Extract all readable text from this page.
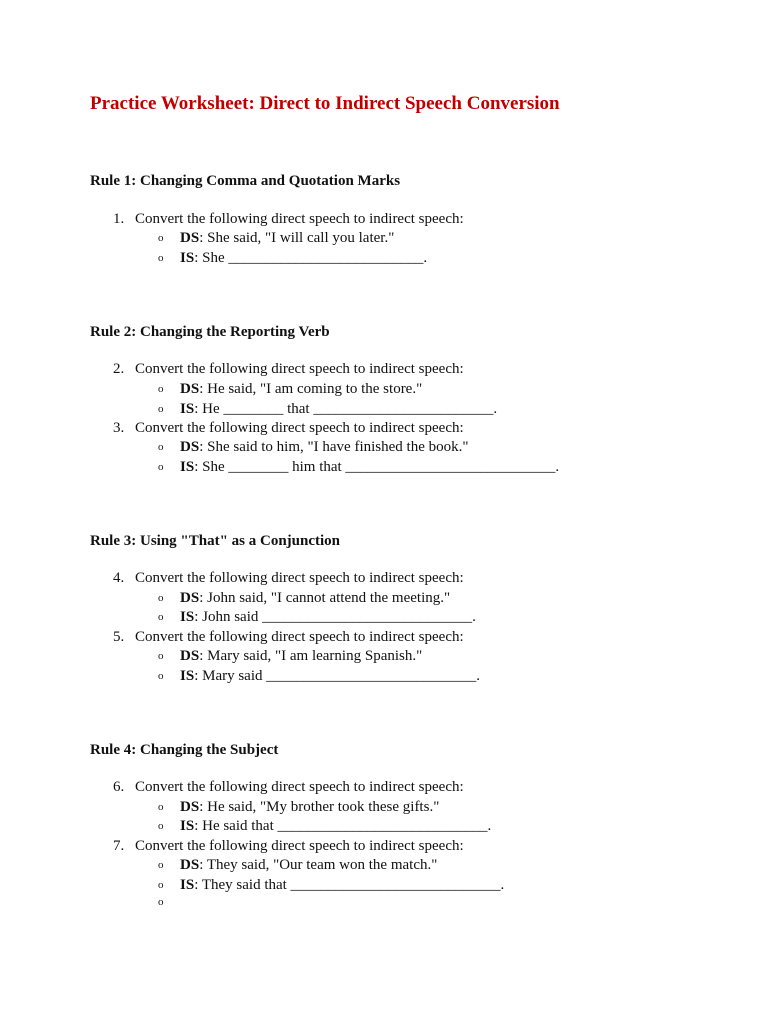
Practice Worksheet: Direct to Indirect Speech Conversion
Rule 1: Changing Comma and Quotation Marks
1. Convert the following direct speech to indirect speech:
o DS: She said, "I will call you later."
o IS: She __________________________.
Rule 2: Changing the Reporting Verb
2. Convert the following direct speech to indirect speech:
o DS: He said, "I am coming to the store."
o IS: He ________ that ________________________.
3. Convert the following direct speech to indirect speech:
o DS: She said to him, "I have finished the book."
o IS: She ________ him that ____________________________.
Rule 3: Using "That" as a Conjunction
4. Convert the following direct speech to indirect speech:
o DS: John said, "I cannot attend the meeting."
o IS: John said ____________________________.
5. Convert the following direct speech to indirect speech:
o DS: Mary said, "I am learning Spanish."
o IS: Mary said ____________________________.
Rule 4: Changing the Subject
6. Convert the following direct speech to indirect speech:
o DS: He said, "My brother took these gifts."
o IS: He said that ____________________________.
7. Convert the following direct speech to indirect speech:
o DS: They said, "Our team won the match."
o IS: They said that ____________________________.
o
